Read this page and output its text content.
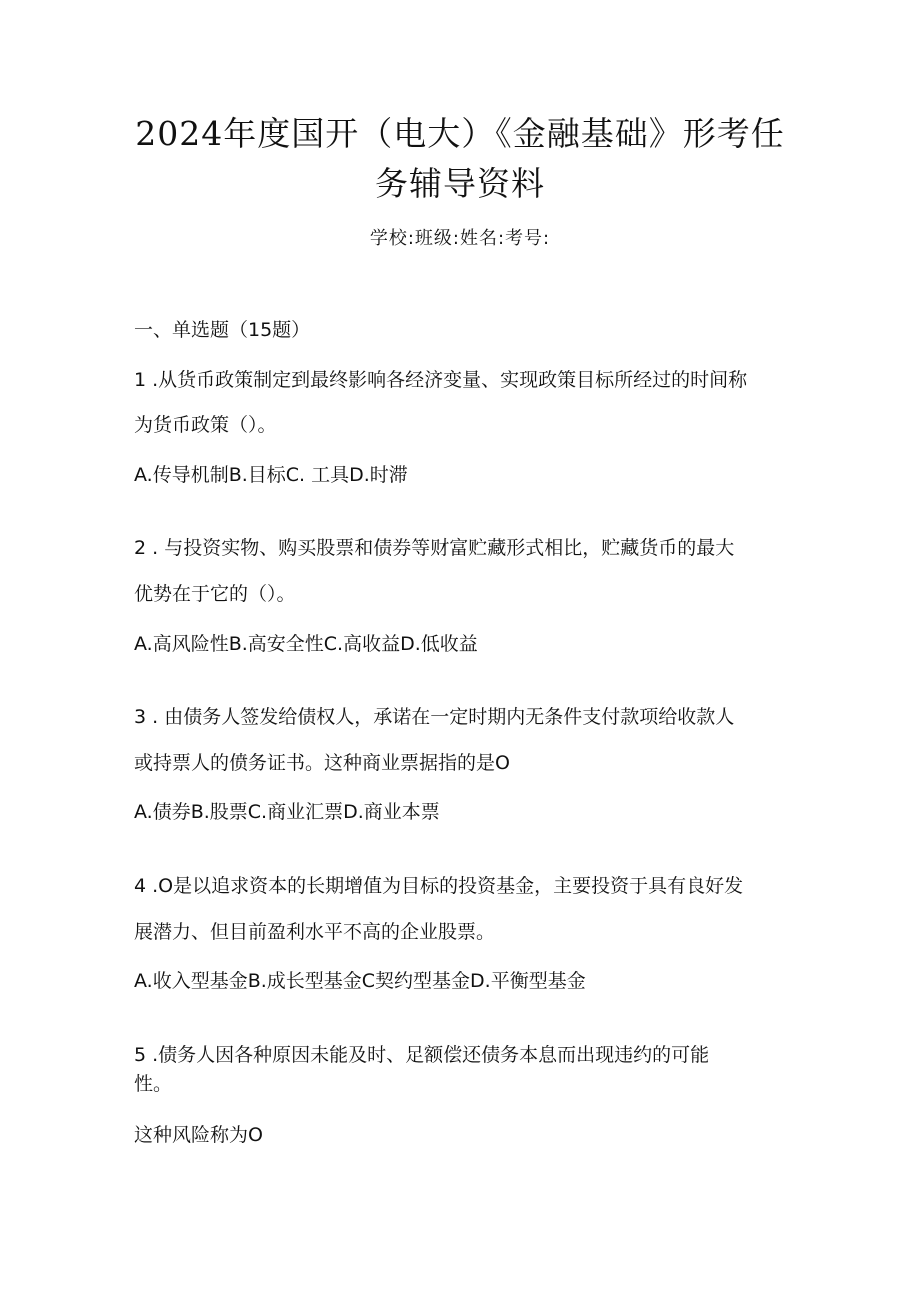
2024年度国开（电大）《金融基础》形考任
务辅导资料
学校:班级:姓名:考号:
一、单选题（15题）
1 .从货币政策制定到最终影响各经济变量、实现政策目标所经过的时间称
为货币政策（）。
A.传导机制B.目标C. 工具D.时滞
2 . 与投资实物、购买股票和债券等财富贮藏形式相比，贮藏货币的最大
优势在于它的（）。
A.高风险性B.高安全性C.高收益D.低收益
3 . 由债务人签发给债权人，承诺在一定时期内无条件支付款项给收款人
或持票人的偾务证书。这种商业票据指的是O
A.债券B.股票C.商业汇票D.商业本票
4 .O是以追求资本的长期增值为目标的投资基金，主要投资于具有良好发
展潜力、但目前盈利水平不高的企业股票。
A.收入型基金B.成长型基金C契约型基金D.平衡型基金
5 .债务人因各种原因未能及时、足额偿还债务本息而出现违约的可能
性。
这种风险称为O
